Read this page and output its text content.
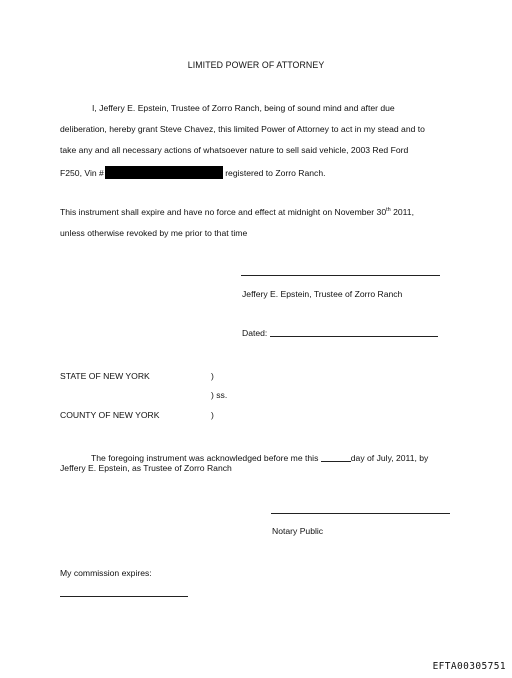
LIMITED POWER OF ATTORNEY
I, Jeffery E. Epstein, Trustee of Zorro Ranch, being of sound mind and after due
deliberation, hereby grant Steve Chavez, this limited Power of Attorney to act in my stead and to
take any and all necessary actions of whatsoever nature to sell said vehicle, 2003 Red Ford
F250, Vin #	registered to Zorro Ranch.
This instrument shall expire and have no force and effect at midnight on November 30th 2011,
unless otherwise revoked by me prior to that time
Jeffery E. Epstein, Trustee of Zorro Ranch
Dated:
STATE OF NEW YORK	)
) ss.
COUNTY OF NEW YORK	)
The foregoing instrument was acknowledged before me this	day of July, 2011, by
Jeffery E. Epstein, as Trustee of Zorro Ranch
Notary Public
My commission expires:
EFTA00305751
